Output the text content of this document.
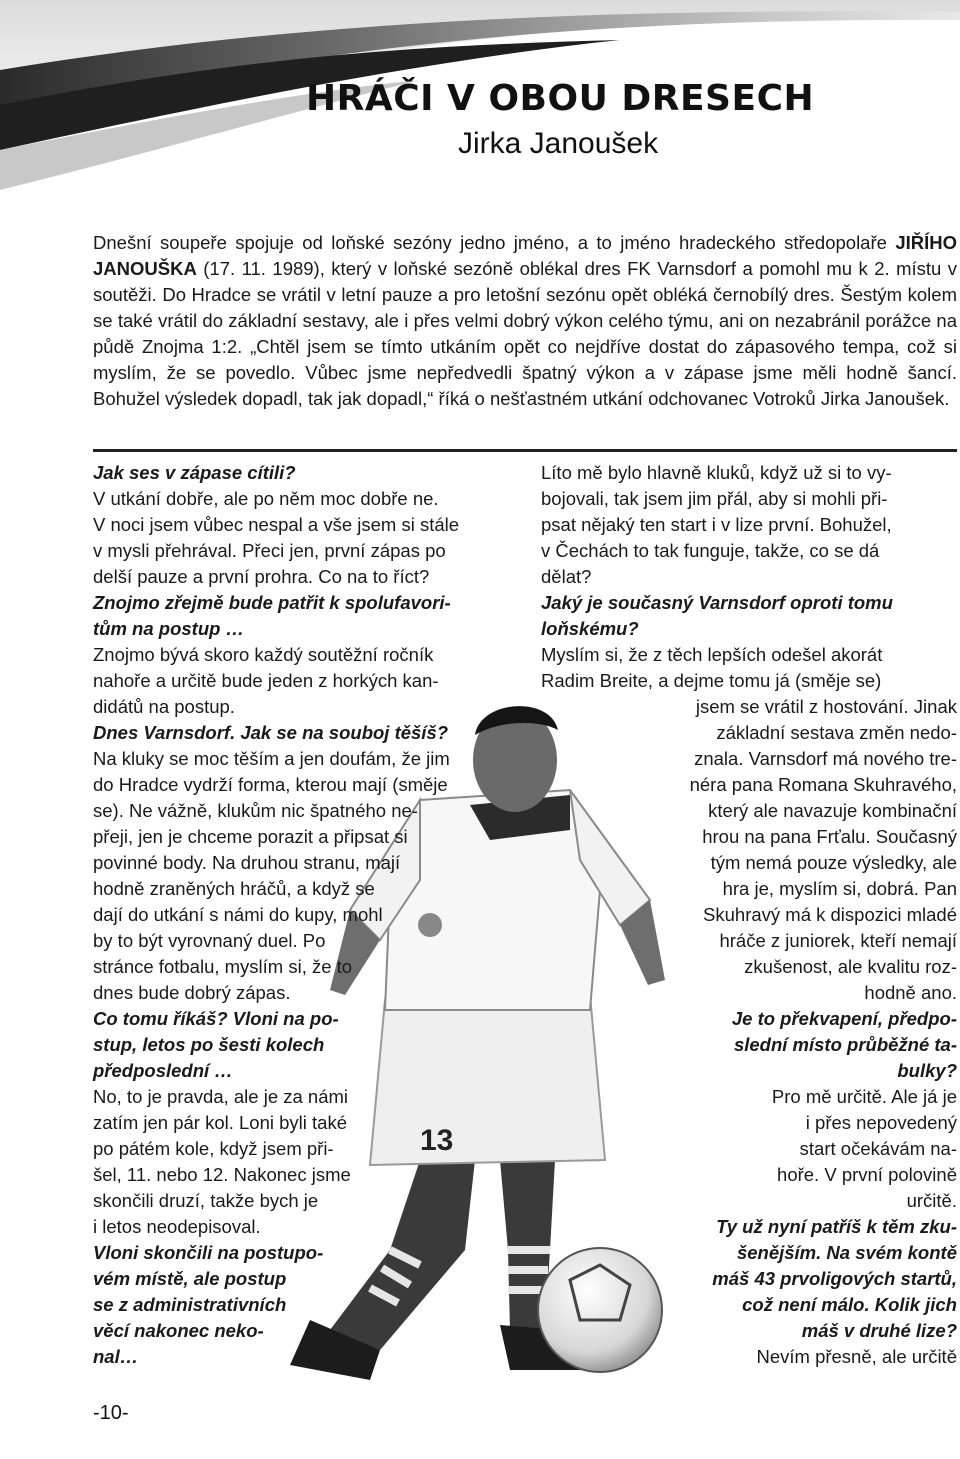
HRÁČI V OBOU DRESECH
Jirka Janoušek

Dnešní soupeře spojuje od loňské sezóny jedno jméno, a to jméno hradeckého středopolaře JIŘÍHO JANOUŠKA (17. 11. 1989), který v loňské sezóně oblékal dres FK Varnsdorf a pomohl mu k 2. místu v soutěži. Do Hradce se vrátil v letní pauze a pro letošní sezónu opět obléká černobílý dres. Šestým kolem se také vrátil do základní sestavy, ale i přes velmi dobrý výkon celého týmu, ani on nezabránil porážce na půdě Znojma 1:2. „Chtěl jsem se tímto utkáním opět co nejdříve dostat do zápasového tempa, což si myslím, že se povedlo. Vůbec jsme nepředvedli špatný výkon a v zápase jsme měli hodně šancí. Bohužel výsledek dopadl, tak jak dopadl,“ říká o nešťastném utkání odchovanec Votroků Jirka Janoušek.

13

Jak ses v zápase cítili?

V utkání dobře, ale po něm moc dobře ne.

V noci jsem vůbec nespal a vše jsem si stále

v mysli přehrával. Přeci jen, první zápas po

delší pauze a první prohra. Co na to říct?

Znojmo zřejmě bude patřit k spolufavori-

tům na postup …

Znojmo bývá skoro každý soutěžní ročník

nahoře a určitě bude jeden z horkých kan-

didátů na postup.

Dnes Varnsdorf. Jak se na souboj těšíš?

Na kluky se moc těším a jen doufám, že jim

do Hradce vydrží forma, kterou mají (směje

se). Ne vážně, klukům nic špatného ne-

přeji, jen je chceme porazit a připsat si

povinné body. Na druhou stranu, mají

hodně zraněných hráčů, a když se

dají do utkání s námi do kupy, mohl

by to být vyrovnaný duel. Po

stránce fotbalu, myslím si, že to

dnes bude dobrý zápas.

Co tomu říkáš? Vloni na po-

stup, letos po šesti kolech

předposlední …

No, to je pravda, ale je za námi

zatím jen pár kol. Loni byli také

po pátém kole, když jsem při-

šel, 11. nebo 12. Nakonec jsme

skončili druzí, takže bych je

i letos neodepisoval.

Vloni skončili na postupo-

vém místě, ale postup

se z administrativních

věcí nakonec neko-

nal…

Líto mě bylo hlavně kluků, když už si to vy-

bojovali, tak jsem jim přál, aby si mohli při-

psat nějaký ten start i v lize první. Bohužel,

v Čechách to tak funguje, takže, co se dá

dělat?

Jaký je současný Varnsdorf oproti tomu

loňskému?

Myslím si, že z těch lepších odešel akorát

Radim Breite, a dejme tomu já (směje se)

jsem se vrátil z hostování. Jinak

základní sestava změn nedo-

znala. Varnsdorf má nového tre-

néra pana Romana Skuhravého,

který ale navazuje kombinační

hrou na pana Frťalu. Současný

tým nemá pouze výsledky, ale

hra je, myslím si, dobrá. Pan

Skuhravý má k dispozici mladé

hráče z juniorek, kteří nemají

zkušenost, ale kvalitu roz-

hodně ano.

Je to překvapení, předpo-

slední místo průběžné ta-

bulky?

Pro mě určitě. Ale já je

i přes nepovedený

start očekávám na-

hoře. V první polovině

určitě.

Ty už nyní patříš k těm zku-

šenějším. Na svém kontě

máš 43 prvoligových startů,

což není málo. Kolik jich

máš v druhé lize?

Nevím přesně, ale určitě

-10-
